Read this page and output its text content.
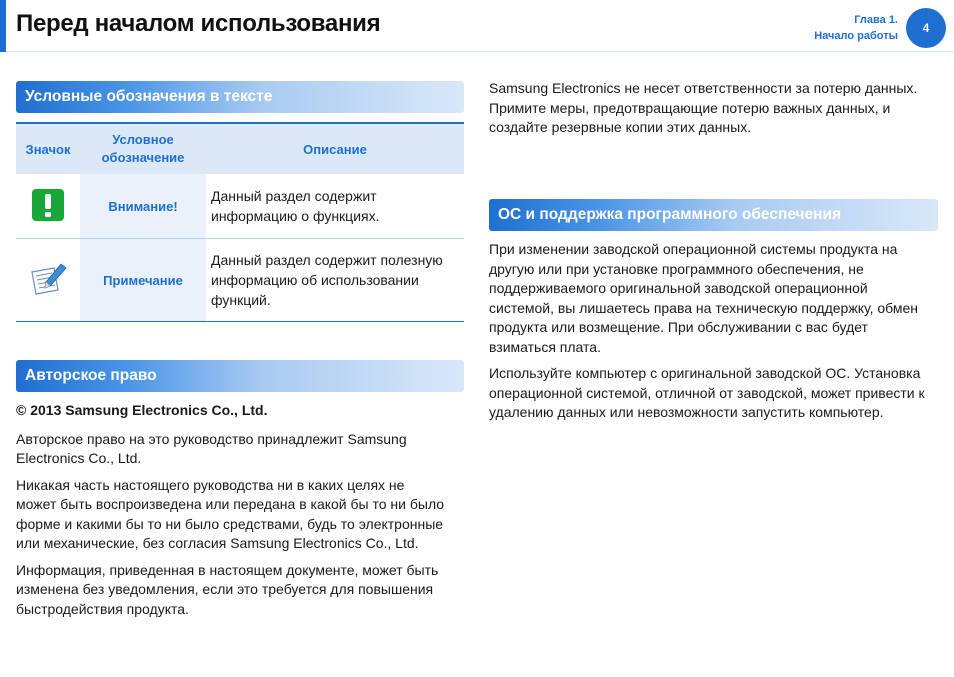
Перед началом использования	Глава 1.
Начало работы
4
Условные обозначения в тексте
Значок	Условное обозначение	Описание
	Внимание!	Данный раздел содержит информацию о функциях.
	Примечание	Данный раздел содержит полезную информацию об использовании функций.
Авторское право

© 2013 Samsung Electronics Co., Ltd.

Авторское право на это руководство принадлежит Samsung Electronics Co., Ltd.

Никакая часть настоящего руководства ни в каких целях не может быть воспроизведена или передана в какой бы то ни было форме и какими бы то ни было средствами, будь то электронные или механические, без согласия Samsung Electronics Co., Ltd.

Информация, приведенная в настоящем документе, может быть изменена без уведомления, если это требуется для повышения быстродействия продукта.

Samsung Electronics не несет ответственности за потерю данных. Примите меры, предотвращающие потерю важных данных, и создайте резервные копии этих данных.

ОС и поддержка программного обеспечения

При изменении заводской операционной системы продукта на другую или при установке программного обеспечения, не поддерживаемого оригинальной заводской операционной системой, вы лишаетесь права на техническую поддержку, обмен продукта или возмещение. При обслуживании с вас будет взиматься плата.

Используйте компьютер с оригинальной заводской ОС. Установка операционной системой, отличной от заводской, может привести к удалению данных или невозможности запустить компьютер.
